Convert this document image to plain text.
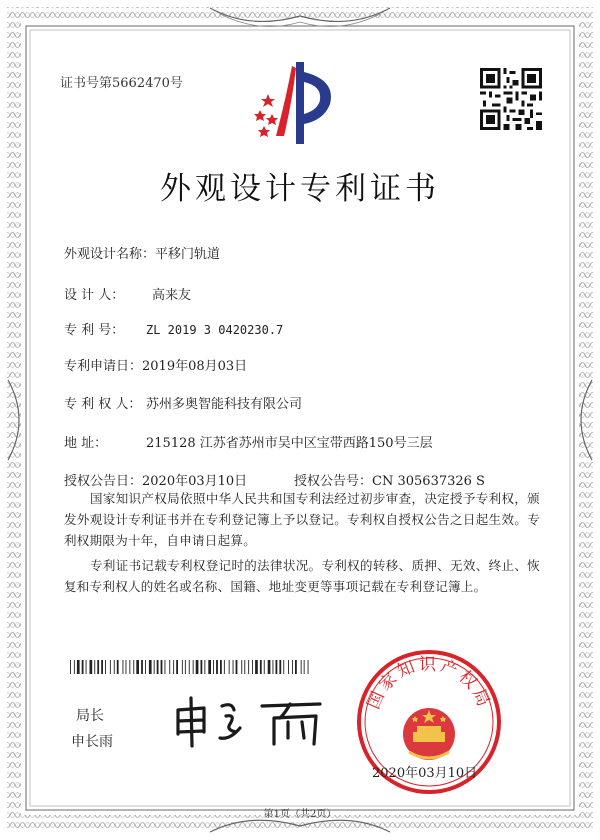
证书号第5662470号
外观设计专利证书
外观设计名称：平移门轨道
设 计 人： 高来友
专 利 号： ZL 2019 3 0420230.7
专利申请日：2019年08月03日
专 利 权 人： 苏州多奥智能科技有限公司
地 址：	215128 江苏省苏州市吴中区宝带西路150号三层
授权公告日：2020年03月10日	授权公告号：CN 305637326 S
国家知识产权局依照中华人民共和国专利法经过初步审查，决定授予专利权，颁发外观设计专利证书并在专利登记簿上予以登记。专利权自授权公告之日起生效。专利权期限为十年，自申请日起算。
专利证书记载专利权登记时的法律状况。专利权的转移、质押、无效、终止、恢复和专利权人的姓名或名称、国籍、地址变更等事项记载在专利登记簿上。
局长
申长雨
国家知识产权局
2020年03月10日
第1页（共2页）
